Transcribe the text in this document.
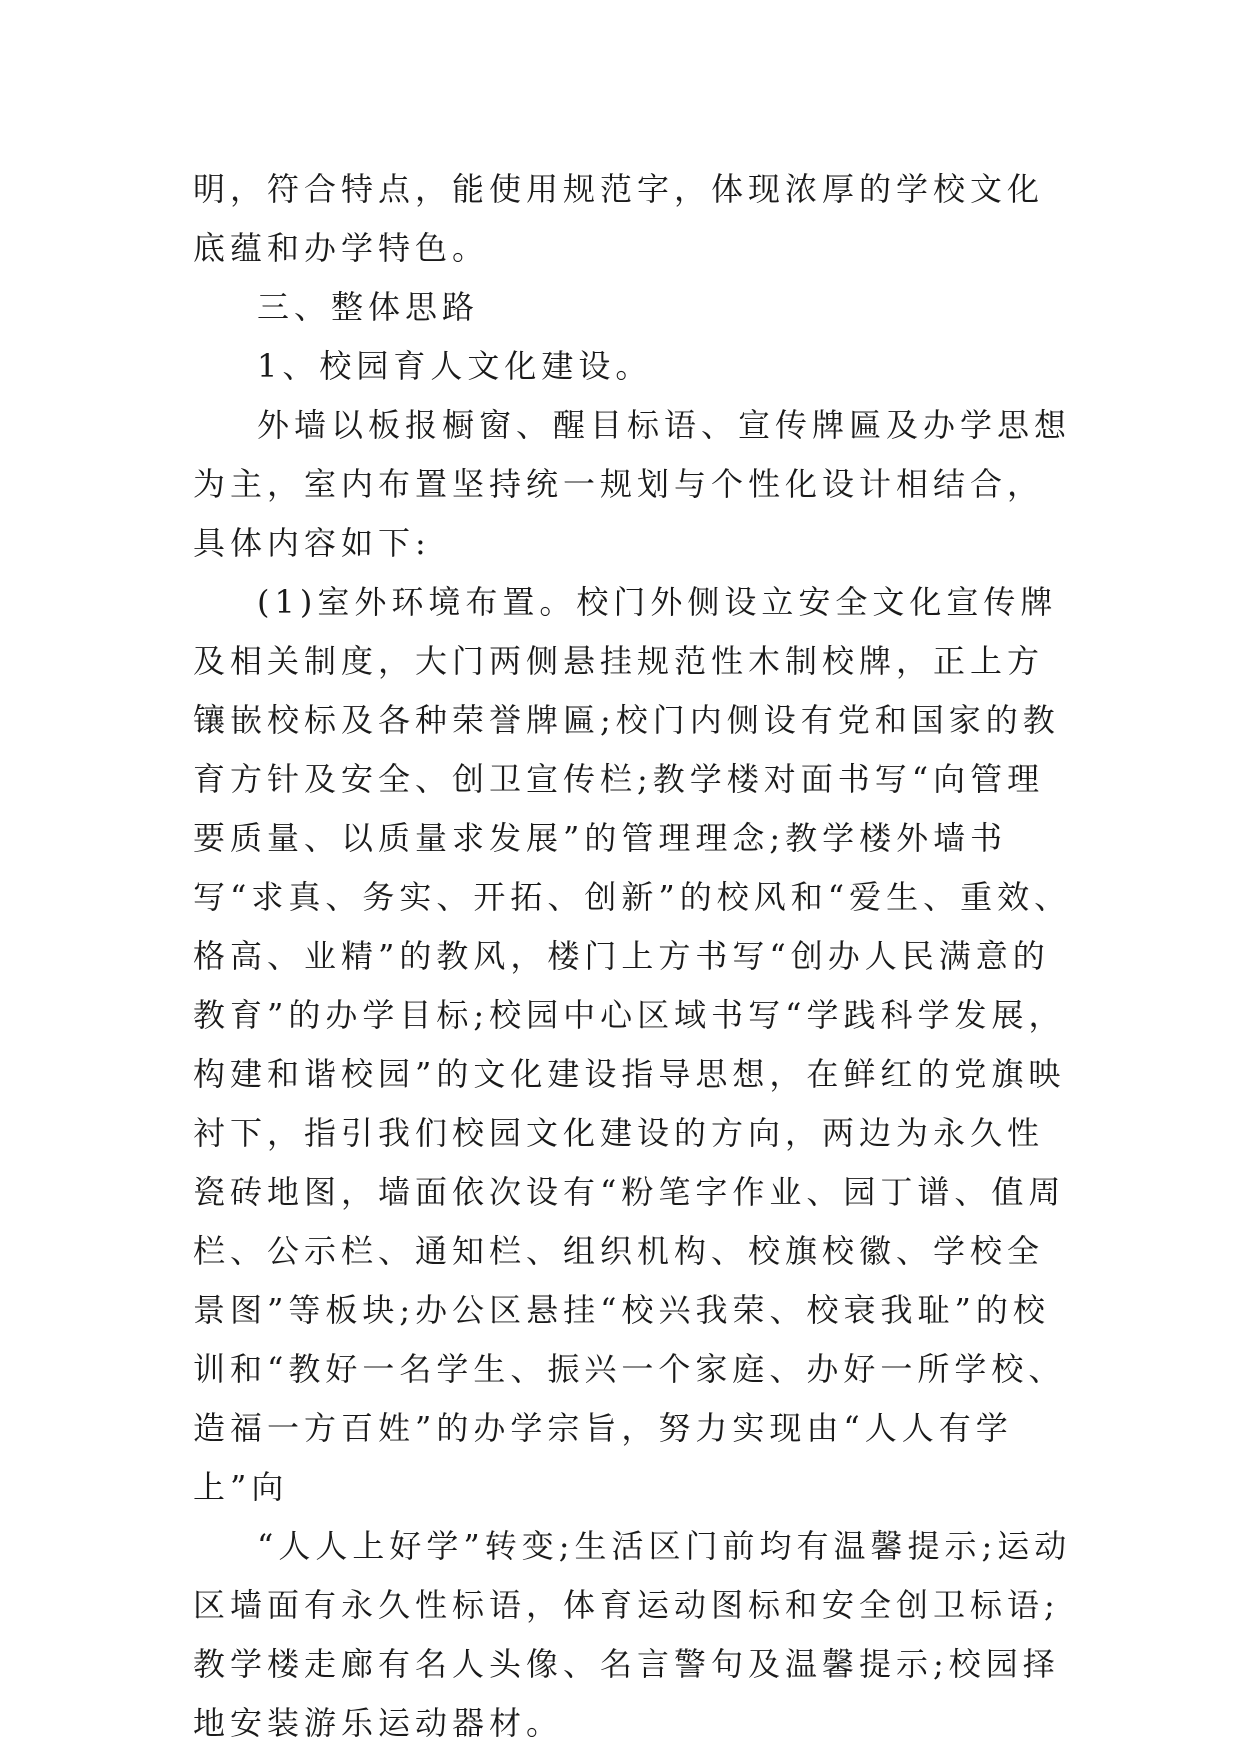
明，符合特点，能使用规范字，体现浓厚的学校文化底蕴和办学特色。

三、整体思路

1、校园育人文化建设。

外墙以板报橱窗、醒目标语、宣传牌匾及办学思想为主，室内布置坚持统一规划与个性化设计相结合，具体内容如下:

(1)室外环境布置。校门外侧设立安全文化宣传牌及相关制度，大门两侧悬挂规范性木制校牌，正上方镶嵌校标及各种荣誉牌匾;校门内侧设有党和国家的教育方针及安全、创卫宣传栏;教学楼对面书写“向管理要质量、以质量求发展”的管理理念;教学楼外墙书写“求真、务实、开拓、创新”的校风和“爱生、重效、格高、业精”的教风，楼门上方书写“创办人民满意的教育”的办学目标;校园中心区域书写“学践科学发展，构建和谐校园”的文化建设指导思想，在鲜红的党旗映衬下，指引我们校园文化建设的方向，两边为永久性瓷砖地图，墙面依次设有“粉笔字作业、园丁谱、值周栏、公示栏、通知栏、组织机构、校旗校徽、学校全景图”等板块;办公区悬挂“校兴我荣、校衰我耻”的校训和“教好一名学生、振兴一个家庭、办好一所学校、造福一方百姓”的办学宗旨，努力实现由“人人有学上”向

“人人上好学”转变;生活区门前均有温馨提示;运动区墙面有永久性标语，体育运动图标和安全创卫标语;教学楼走廊有名人头像、名言警句及温馨提示;校园择地安装游乐运动器材。
